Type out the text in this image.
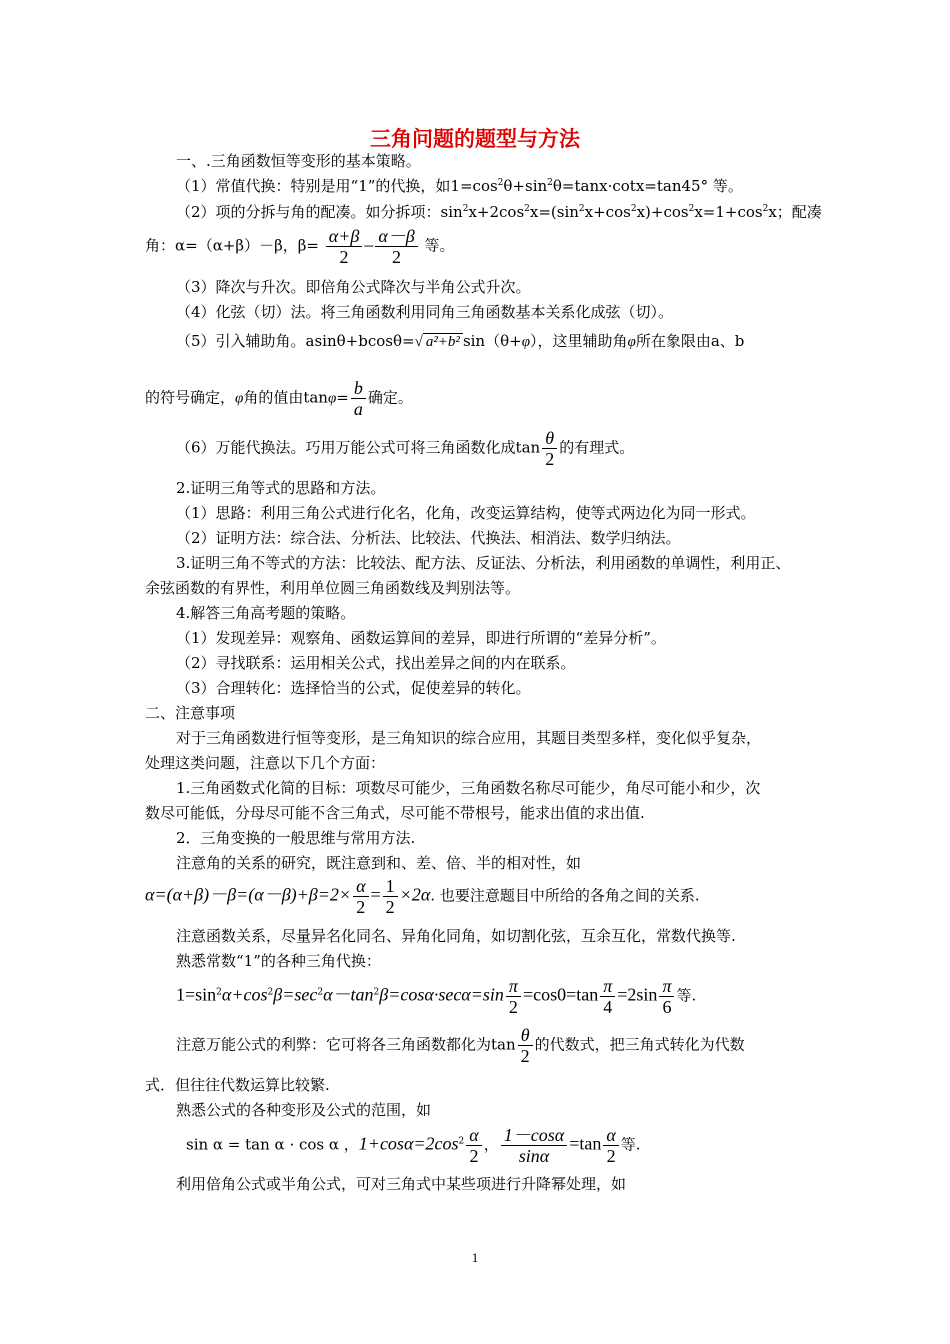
三角问题的题型与方法
一、.三角函数恒等变形的基本策略。
（1）常值代换：特别是用“1”的代换，如$1=\cos^2\theta+\sin^2\theta=\tan x\cdot\cot x=\tan 45^\circ$ 等。
（2）项的分拆与角的配凑。如分拆项：$\sin^2x+2\cos^2x=(\sin^2x+\cos^2x)+\cos^2x=1+\cos^2x$；配凑
角：α=（α+β）－β，$\beta= \frac{\alpha+\beta}{2} - \frac{\alpha-\beta}{2}$ 等。
（3）降次与升次。即倍角公式降次与半角公式升次。
（4）化弦（切）法。将三角函数利用同角三角函数基本关系化成弦（切）。
（5）引入辅助角。asinθ+bcosθ=√ a²+b² sin（θ+φ），这里辅助角φ所在象限由a、b
的符号确定，φ角的值由$\tan\varphi= \frac{b}{a}$ 确定。
（6）万能代换法。巧用万能公式可将三角函数化成$\tan \frac{\theta}{2}$ 的有理式。
2.证明三角等式的思路和方法。
（1）思路：利用三角公式进行化名，化角，改变运算结构，使等式两边化为同一形式。
（2）证明方法：综合法、分析法、比较法、代换法、相消法、数学归纳法。
3.证明三角不等式的方法：比较法、配方法、反证法、分析法，利用函数的单调性，利用正、
余弦函数的有界性，利用单位圆三角函数线及判别法等。
4.解答三角高考题的策略。
（1）发现差异：观察角、函数运算间的差异，即进行所谓的“差异分析”。
（2）寻找联系：运用相关公式，找出差异之间的内在联系。
（3）合理转化：选择恰当的公式，促使差异的转化。
二、注意事项
对于三角函数进行恒等变形，是三角知识的综合应用，其题目类型多样，变化似乎复杂，
处理这类问题，注意以下几个方面：
1.三角函数式化简的目标：项数尽可能少，三角函数名称尽可能少，角尽可能小和少，次
数尽可能低，分母尽可能不含三角式，尽可能不带根号，能求出值的求出值.
2．三角变换的一般思维与常用方法.
注意角的关系的研究，既注意到和、差、倍、半的相对性，如
$\alpha=(\alpha+\beta)-\beta=(\alpha-\beta)+\beta=2\times \frac{\alpha}{2} = \frac{1}{2} \times 2\alpha$. 也要注意题目中所给的各角之间的关系.
注意函数关系，尽量异名化同名、异角化同角，如切割化弦，互余互化，常数代换等.
熟悉常数“1”的各种三角代换：
$1=\sin^2\alpha+\cos^2\beta=\sec^2\alpha-\tan^2\beta=\cos\alpha\cdot\sec\alpha=\sin \frac{\pi}{2} =\cos 0=\tan \frac{\pi}{4} =2\sin \frac{\pi}{6}$ 等.
注意万能公式的利弊：它可将各三角函数都化为$\tan \frac{\theta}{2}$ 的代数式，把三角式转化为代数
式．但往往代数运算比较繁.
熟悉公式的各种变形及公式的范围，如
sin α = tan α · cos α ，$1+\cos\alpha=2\cos^2 \frac{\alpha}{2}$ ， $\frac{1-\cos\alpha}{\sin\alpha} =\tan \frac{\alpha}{2}$ 等.
利用倍角公式或半角公式，可对三角式中某些项进行升降幂处理，如
1
